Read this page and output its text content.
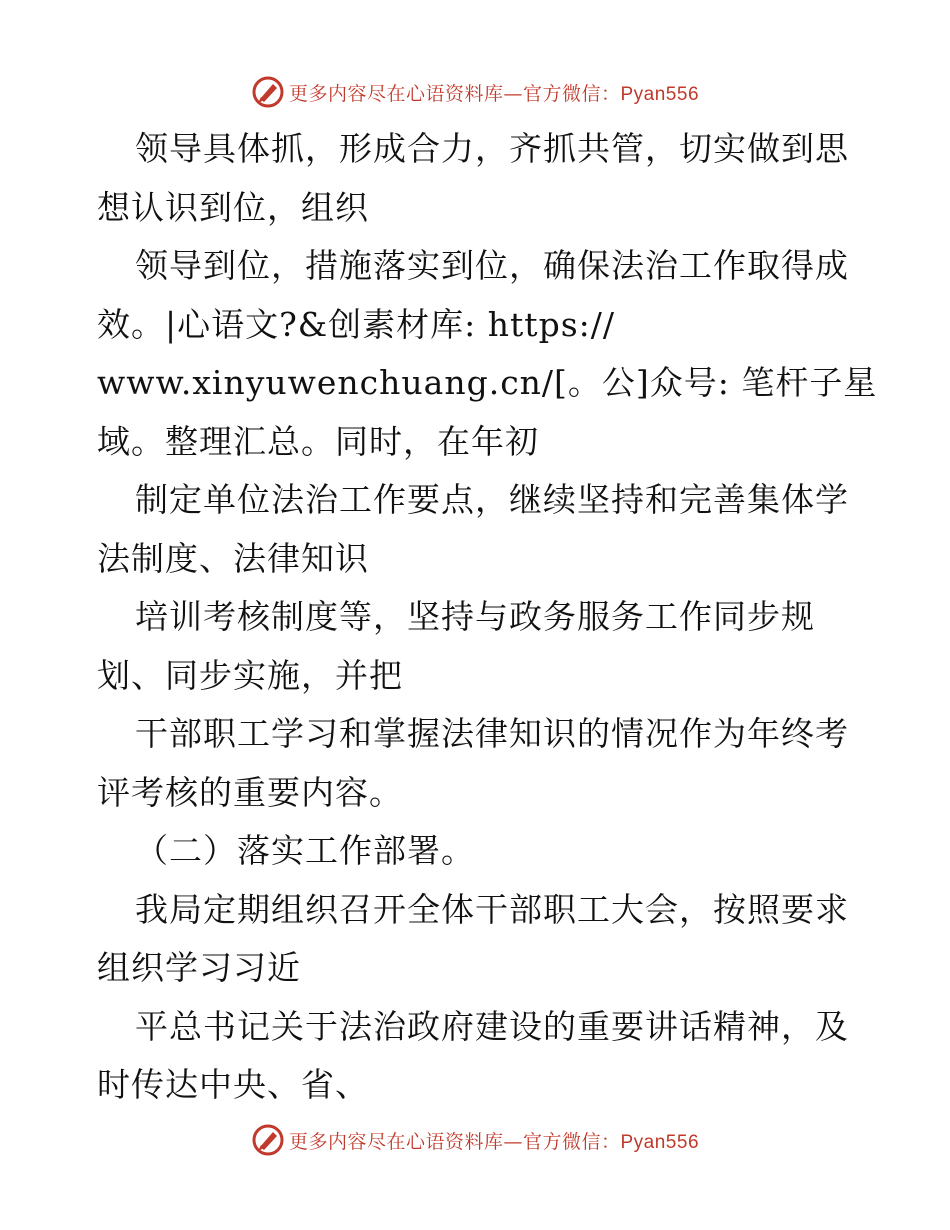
更多内容尽在心语资料库—官方微信：Pyan556
领导具体抓，形成合力，齐抓共管，切实做到思
想认识到位，组织
领导到位，措施落实到位，确保法治工作取得成
效。|心语文?&创素材库: https://
www.xinyuwenchuang.cn/[。公]众号: 笔杆子星
域。整理汇总。同时，在年初
制定单位法治工作要点，继续坚持和完善集体学
法制度、法律知识
培训考核制度等，坚持与政务服务工作同步规
划、同步实施，并把
干部职工学习和掌握法律知识的情况作为年终考
评考核的重要内容。
（二）落实工作部署。
我局定期组织召开全体干部职工大会，按照要求
组织学习习近
平总书记关于法治政府建设的重要讲话精神，及
时传达中央、省、
更多内容尽在心语资料库—官方微信：Pyan556
